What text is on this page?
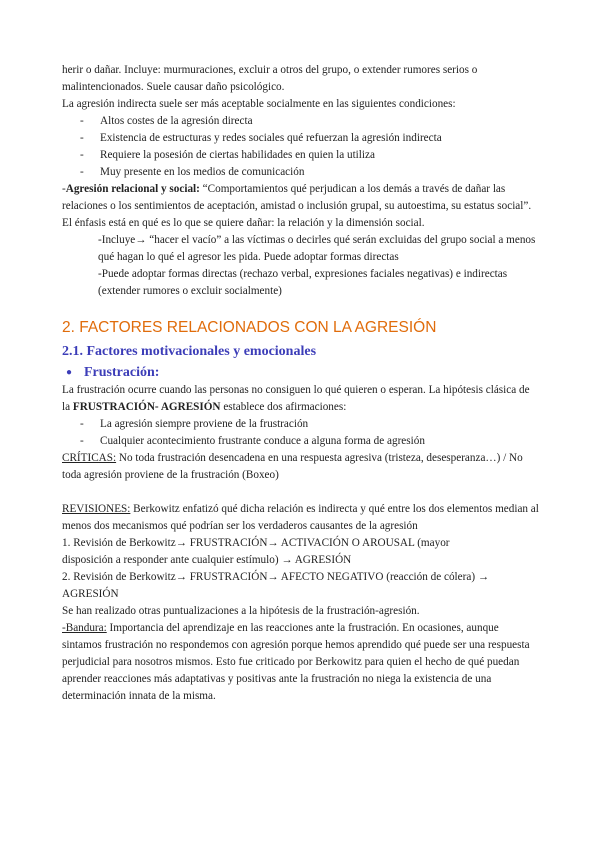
herir o dañar. Incluye: murmuraciones, excluir a otros del grupo, o extender rumores serios o malintencionados. Suele causar daño psicológico.

La agresión indirecta suele ser más aceptable socialmente en las siguientes condiciones:

- Altos costes de la agresión directa

- Existencia de estructuras y redes sociales qué refuerzan la agresión indirecta

- Requiere la posesión de ciertas habilidades en quien la utiliza

- Muy presente en los medios de comunicación

-Agresión relacional y social: “Comportamientos qué perjudican a los demás a través de dañar las relaciones o los sentimientos de aceptación, amistad o inclusión grupal, su autoestima, su estatus social”. El énfasis está en qué es lo que se quiere dañar: la relación y la dimensión social.

-Incluye→ “hacer el vacío” a las víctimas o decirles qué serán excluidas del grupo social a menos qué hagan lo qué el agresor les pida. Puede adoptar formas directas

-Puede adoptar formas directas (rechazo verbal, expresiones faciales negativas) e indirectas (extender rumores o excluir socialmente)

2. FACTORES RELACIONADOS CON LA AGRESIÓN
2.1. Factores motivacionales y emocionales
● Frustración:

La frustración ocurre cuando las personas no consiguen lo qué quieren o esperan. La hipótesis clásica de la FRUSTRACIÓN- AGRESIÓN establece dos afirmaciones:

- La agresión siempre proviene de la frustración

- Cualquier acontecimiento frustrante conduce a alguna forma de agresión

CRÍTICAS: No toda frustración desencadena en una respuesta agresiva (tristeza, desesperanza…) / No toda agresión proviene de la frustración (Boxeo)

REVISIONES: Berkowitz enfatizó qué dicha relación es indirecta y qué entre los dos elementos median al menos dos mecanismos qué podrían ser los verdaderos causantes de la agresión

1. Revisión de Berkowitz→ FRUSTRACIÓN→ ACTIVACIÓN O AROUSAL (mayor

disposición a responder ante cualquier estímulo) → AGRESIÓN

2. Revisión de Berkowitz→ FRUSTRACIÓN→ AFECTO NEGATIVO (reacción de cólera) →

AGRESIÓN

Se han realizado otras puntualizaciones a la hipótesis de la frustración-agresión.

-Bandura: Importancia del aprendizaje en las reacciones ante la frustración. En ocasiones, aunque sintamos frustración no respondemos con agresión porque hemos aprendido qué puede ser una respuesta perjudicial para nosotros mismos. Esto fue criticado por Berkowitz para quien el hecho de qué puedan aprender reacciones más adaptativas y positivas ante la frustración no niega la existencia de una determinación innata de la misma.
